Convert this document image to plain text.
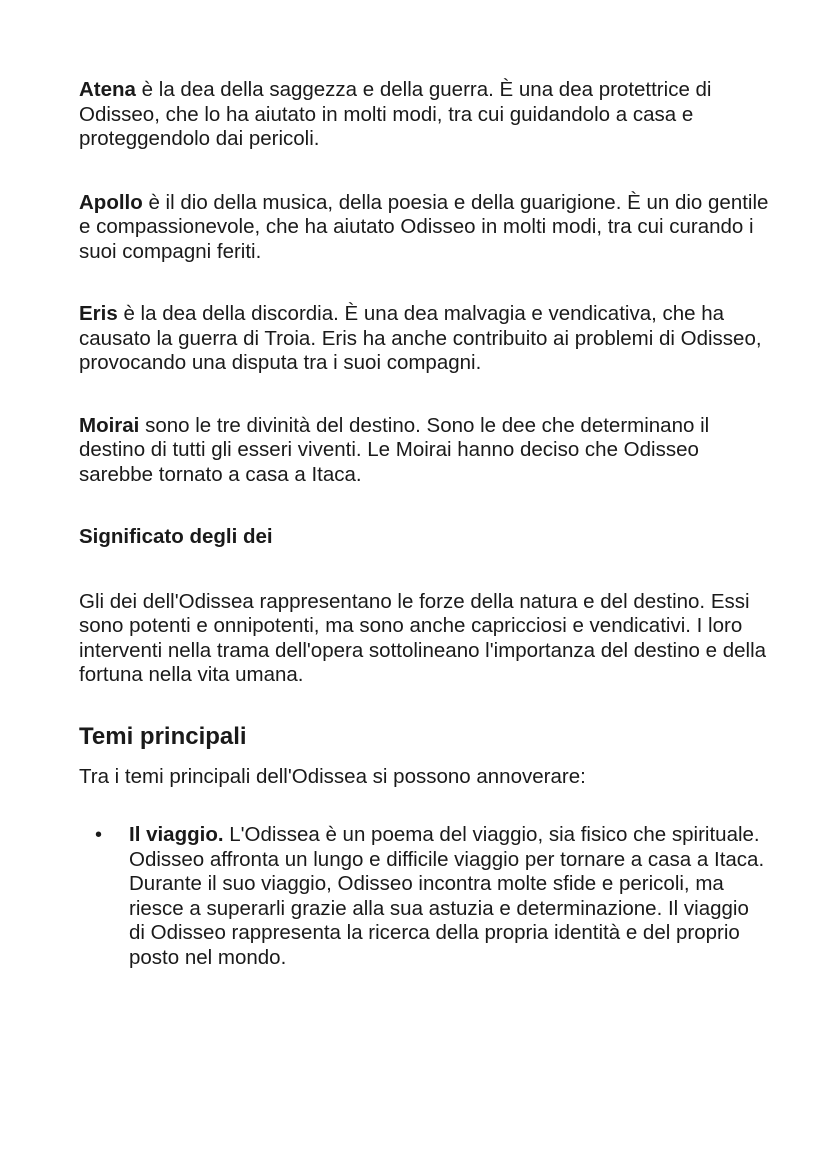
Atena è la dea della saggezza e della guerra. È una dea protettrice di Odisseo, che lo ha aiutato in molti modi, tra cui guidandolo a casa e proteggendolo dai pericoli.

Apollo è il dio della musica, della poesia e della guarigione. È un dio gentile e compassionevole, che ha aiutato Odisseo in molti modi, tra cui curando i suoi compagni feriti.

Eris è la dea della discordia. È una dea malvagia e vendicativa, che ha causato la guerra di Troia. Eris ha anche contribuito ai problemi di Odisseo, provocando una disputa tra i suoi compagni.

Moirai sono le tre divinità del destino. Sono le dee che determinano il destino di tutti gli esseri viventi. Le Moirai hanno deciso che Odisseo sarebbe tornato a casa a Itaca.

Significato degli dei

Gli dei dell'Odissea rappresentano le forze della natura e del destino. Essi sono potenti e onnipotenti, ma sono anche capricciosi e vendicativi. I loro interventi nella trama dell'opera sottolineano l'importanza del destino e della fortuna nella vita umana.

Temi principali

Tra i temi principali dell'Odissea si possono annoverare:

• Il viaggio. L'Odissea è un poema del viaggio, sia fisico che spirituale. Odisseo affronta un lungo e difficile viaggio per tornare a casa a Itaca. Durante il suo viaggio, Odisseo incontra molte sfide e pericoli, ma riesce a superarli grazie alla sua astuzia e determinazione. Il viaggio di Odisseo rappresenta la ricerca della propria identità e del proprio posto nel mondo.
